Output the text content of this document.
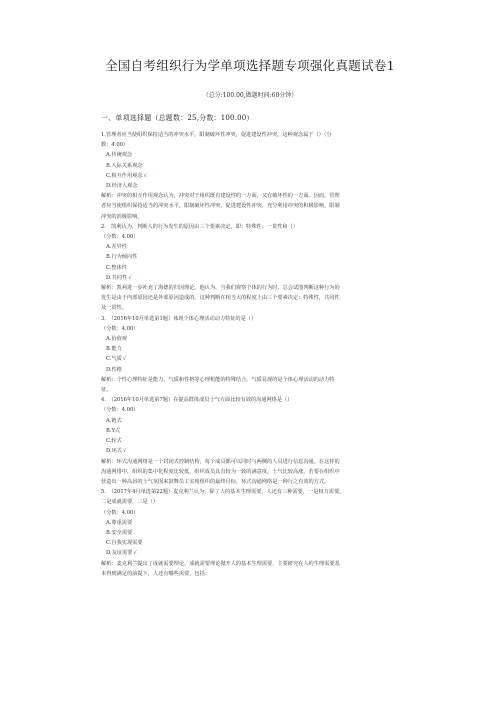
全国自考组织行为学单项选择题专项强化真题试卷1
（总分:100.00,做题时间:60分钟）
一、单项选择题（总题数：25,分数：100.00）
1.管理者应当使组织保持适当的冲突水平，限制破坏性冲突，促进建设性冲突，这种观念属于（）（分
数：4.00）
A.传统观念
B.人际关系观念
C.相互作用观念√
D.经济人观念
解析：冲突的相互作用观念认为，冲突对于组织既有建设性的一方面，又有破坏性的一方面。因而，管理
者应当使组织保持适当的冲突水平，限制破坏性冲突，促进建设性冲突，充分利用冲突的积极影响，限制
冲突的消极影响。
2.　凯利认为，判断人的行为发生的原因由三个要素决定，即：特殊性、一贯性和（）
（分数：4.00）
A.差异性
B.行为倾向性
C.整体性
D.共同性√
解析：凯利进一步补充了海德的归因理论。他认为，当我们观察个体的行为时，总会试图判断这种行为的
发生是由于内部原因还是外部原因造成的。这种判断在相当大的程度上由三个要素决定：特殊性，共同性
及一贯性。
3.　（2016年10月单选第1题）体现个体心理活动动力特征的是（）
（分数：4.00）
A.价值观
B.能力
C.气质√
D.性格
解析：个性心理特征是能力、气质和性格等心理机能的特殊结合。气质显现的是个体心理活动的动力特
征。
4.　（2016年10月单选第7题）在提高群体成员士气方面比较有效的沟通网络是（）
（分数：4.00）
A.链式
B.Y式
C.轮式
D.环式√
解析：环式沟通网络是一个封闭式控制结构，每个成员都可以同时与两侧的人员进行信息沟通。在这样的
沟通网络中，组织的集中化程度比较低，组织成员具有较为一致的满意度，士气比较高涨。若要在组织中
营造出一种高昂的士气氛围来鼓舞员工实现组织的最终目标，环式沟通网络是一种行之有效的方式。
5.　（2017年4月单选第22题）麦克利兰认为，除了人的基本生理需要，人还有三种需要，一是权力需要，
二是成就需要，三是（）
（分数：4.00）
A.尊重需要
B.安全需要
C.自我实现需要
D.友谊需要√
解析：麦克利兰提出了成就需要理论。成就需要理论抛开人的基本生理需要，主要研究在人的生理需要基
本得到满足的前提下，人还有哪些需要，包括：
